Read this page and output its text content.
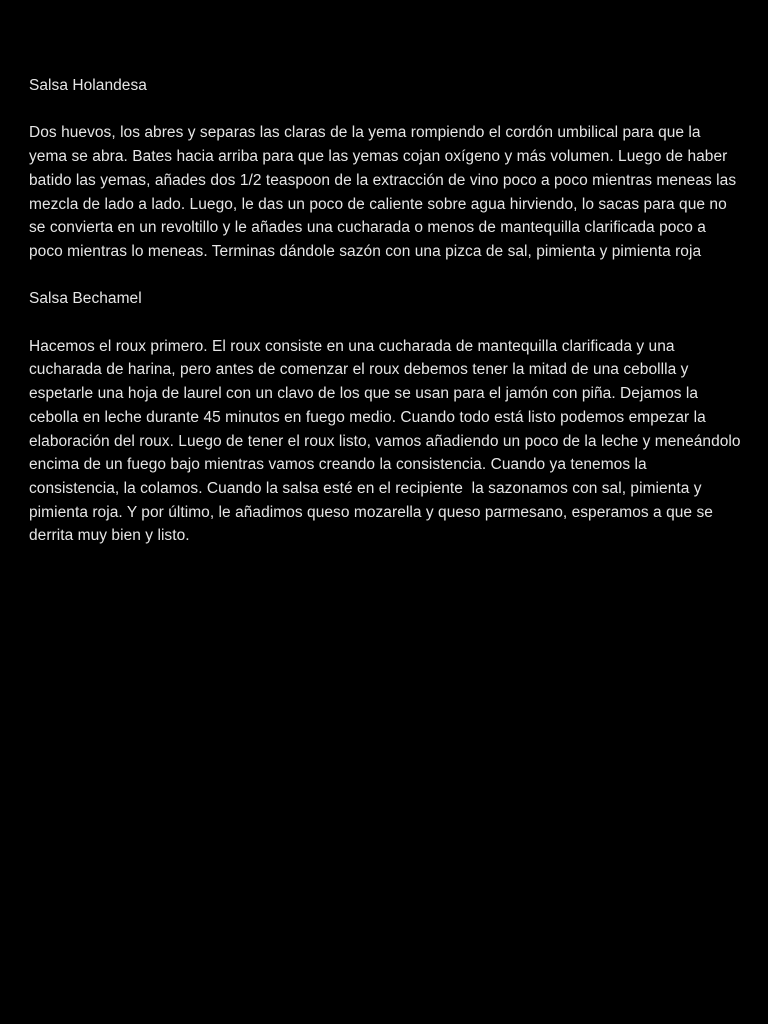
Salsa Holandesa

Dos huevos, los abres y separas las claras de la yema rompiendo el cordón umbilical para que la yema se abra. Bates hacia arriba para que las yemas cojan oxígeno y más volumen. Luego de haber batido las yemas, añades dos 1/2 teaspoon de la extracción de vino poco a poco mientras meneas las mezcla de lado a lado. Luego, le das un poco de caliente sobre agua hirviendo, lo sacas para que no se convierta en un revoltillo y le añades una cucharada o menos de mantequilla clarificada poco a poco mientras lo meneas. Terminas dándole sazón con una pizca de sal, pimienta y pimienta roja

Salsa Bechamel

Hacemos el roux primero. El roux consiste en una cucharada de mantequilla clarificada y una cucharada de harina, pero antes de comenzar el roux debemos tener la mitad de una cebollla y espetarle una hoja de laurel con un clavo de los que se usan para el jamón con piña. Dejamos la cebolla en leche durante 45 minutos en fuego medio. Cuando todo está listo podemos empezar la elaboración del roux. Luego de tener el roux listo, vamos añadiendo un poco de la leche y meneándolo encima de un fuego bajo mientras vamos creando la consistencia. Cuando ya tenemos la consistencia, la colamos. Cuando la salsa esté en el recipiente  la sazonamos con sal, pimienta y pimienta roja. Y por último, le añadimos queso mozarella y queso parmesano, esperamos a que se derrita muy bien y listo.
